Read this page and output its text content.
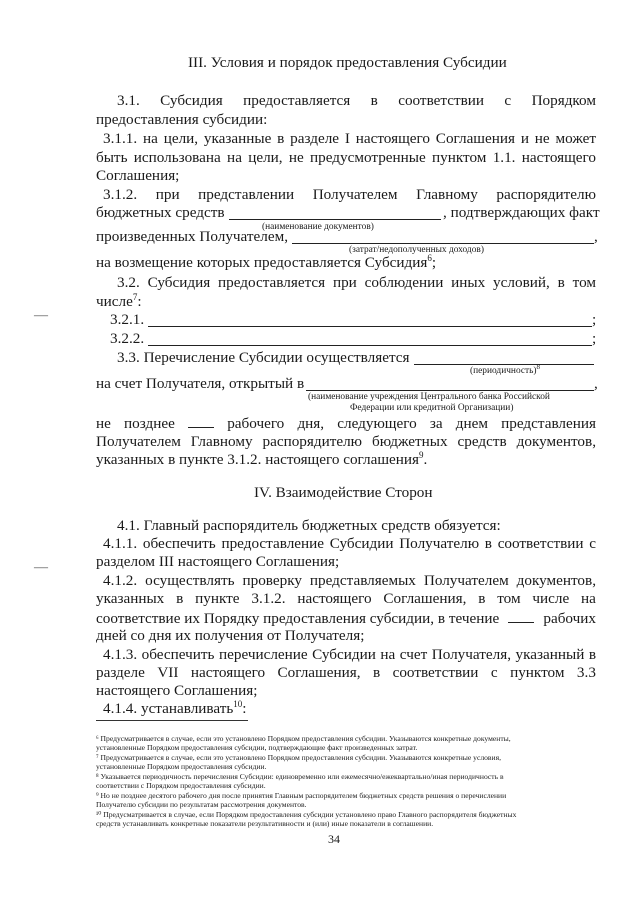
III. Условия и порядок предоставления Субсидии
3.1. Субсидия предоставляется в соответствии с Порядком
предоставления субсидии:
3.1.1. на цели, указанные в разделе I настоящего Соглашения и не может
быть использована на цели, не предусмотренные пунктом 1.1. настоящего
Соглашения;
3.1.2. при представлении Получателем Главному распорядителю
бюджетных средств	, подтверждающих факт
(наименование документов)
произведенных Получателем,	,
(затрат/недополученных доходов)
на возмещение которых предоставляется Субсидия$^6$;
3.2. Субсидия предоставляется при соблюдении иных условий, в том
числе$^7$:
3.2.1.	;
3.2.2.	;
3.3. Перечисление Субсидии осуществляется
(периодичность)$^8$
на счет Получателя, открытый в	,
(наименование учреждения Центрального банка Российской
Федерации или кредитной Организации)
не позднее	рабочего дня, следующего за днем представления
Получателем Главному распорядителю бюджетных средств документов,
указанных в пункте 3.1.2. настоящего соглашения$^9$.
IV. Взаимодействие Сторон
4.1. Главный распорядитель бюджетных средств обязуется:
4.1.1. обеспечить предоставление Субсидии Получателю в соответствии с
разделом III настоящего Соглашения;
4.1.2. осуществлять проверку представляемых Получателем документов,
указанных в пункте 3.1.2. настоящего Соглашения, в том числе на
соответствие их Порядку предоставления субсидии, в течение	рабочих
дней со дня их получения от Получателя;
4.1.3. обеспечить перечисление Субсидии на счет Получателя, указанный в
разделе VII настоящего Соглашения, в соответствии с пунктом 3.3
настоящего Соглашения;
4.1.4. устанавливать$^{10}$:
—
—
⁶ Предусматривается в случае, если это установлено Порядком предоставления субсидии. Указываются конкретные документы,
установленные Порядком предоставления субсидии, подтверждающие факт произведенных затрат.
⁷ Предусматривается в случае, если это установлено Порядком предоставления субсидии. Указываются конкретные условия,
установленные Порядком предоставления субсидии.
⁸ Указывается периодичность перечисления Субсидии: единовременно или ежемесячно/ежеквартально/иная периодичность в
соответствии с Порядком предоставления субсидии.
⁹ Но не позднее десятого рабочего дня после принятия Главным распорядителем бюджетных средств решения о перечислении
Получателю субсидии по результатам рассмотрения документов.
¹⁰ Предусматривается в случае, если Порядком предоставления субсидии установлено право Главного распорядителя бюджетных
средств устанавливать конкретные показатели результативности и (или) иные показатели в соглашении.
34
